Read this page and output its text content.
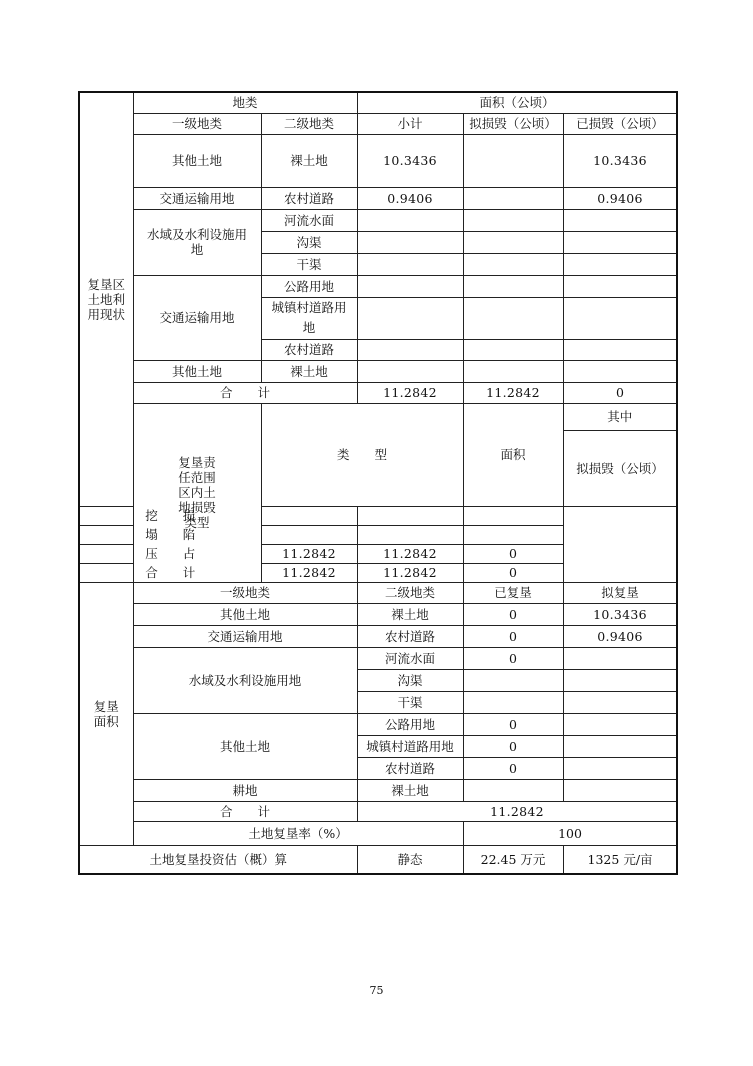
复垦区
土地利
用现状	地类		面积（公顷）			
	一级地类	二级地类	小计	拟损毁（公顷）	已损毁（公顷）	
	其他土地	裸土地	10.3436		10.3436	
	交通运输用地	农村道路	0.9406		0.9406	
	水域及水利设施用地	河流水面				
		沟渠				
		干渠				
	交通运输用地	公路用地				
		城镇村道路用地				
		农村道路				
	其他土地	裸土地				
	合　　计		11.2842	11.2842	0	

	复垦责
任范围
区内土
地损毁
类型	类　　型		面积	其中	
					拟损毁（公顷）	
挖　　损						
塌　　陷						
压　　占		11.2842	11.2842	0		
合　　计		11.2842	11.2842	0		

复垦
面积	一级地类		二级地类	已复垦	拟复垦	
	其他土地		裸土地	0	10.3436	
	交通运输用地		农村道路	0	0.9406	
	水域及水利设施用地		河流水面	0		
			沟渠			
			干渠			
	其他土地		公路用地	0		
			城镇村道路用地	0		
			农村道路	0		
	耕地		裸土地			
	合　　计		11.2842			
	土地复垦率（%）			100		
土地复垦投资估（概）算			静态	22.45 万元	1325 元/亩	
75
